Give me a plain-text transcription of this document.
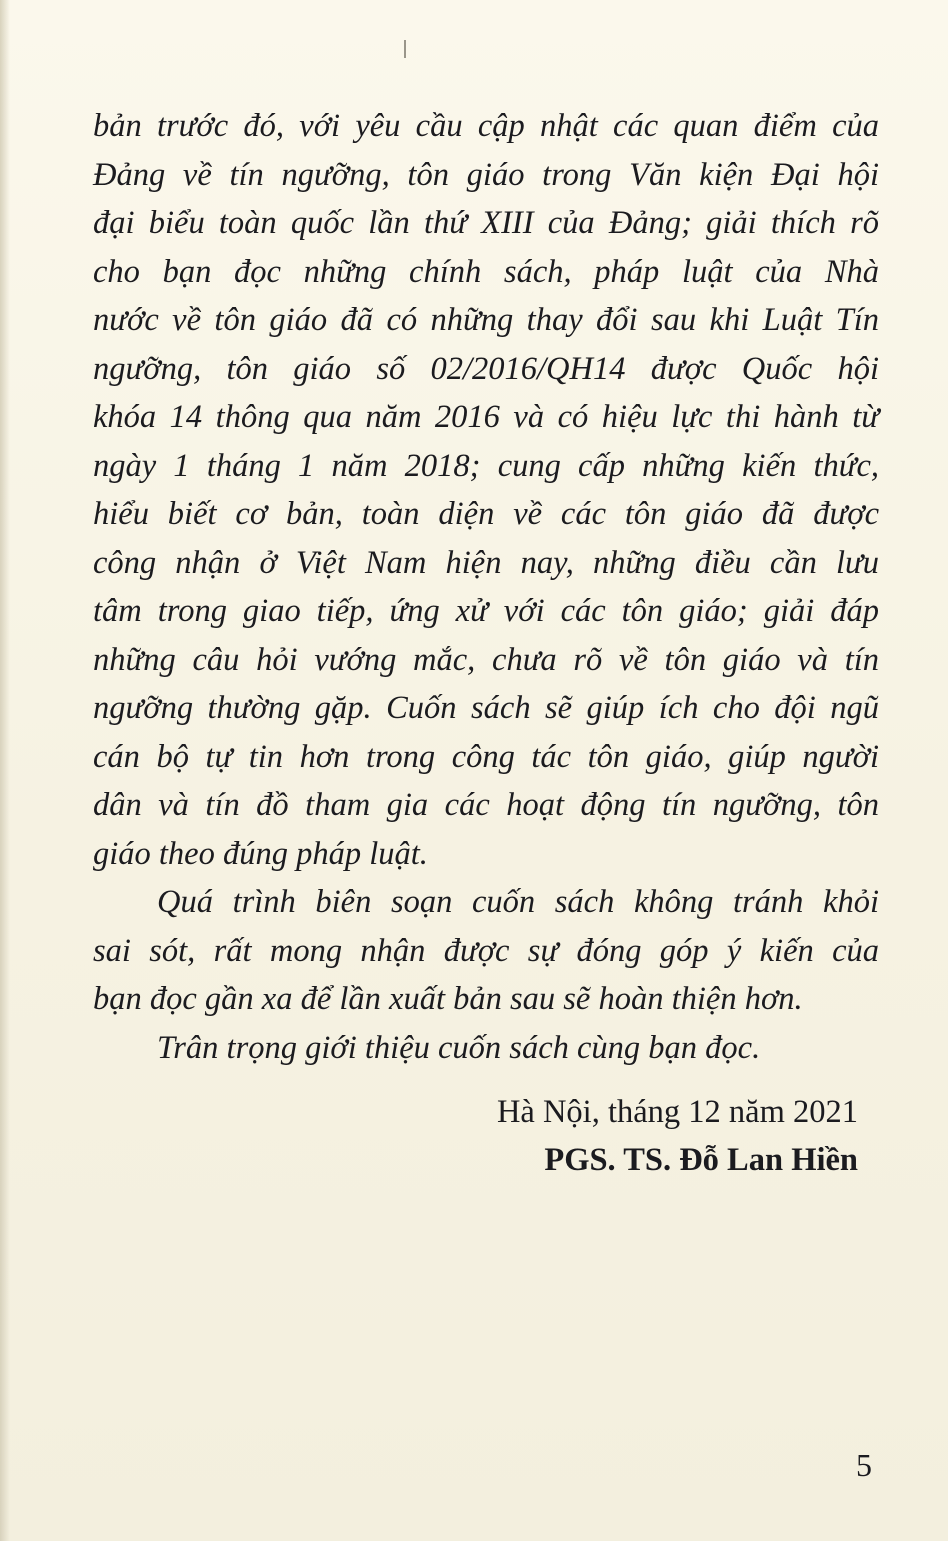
bản trước đó, với yêu cầu cập nhật các quan điểm của
Đảng về tín ngưỡng, tôn giáo trong Văn kiện Đại hội
đại biểu toàn quốc lần thứ XIII của Đảng; giải thích rõ
cho bạn đọc những chính sách, pháp luật của Nhà
nước về tôn giáo đã có những thay đổi sau khi Luật Tín
ngưỡng, tôn giáo số 02/2016/QH14 được Quốc hội
khóa 14 thông qua năm 2016 và có hiệu lực thi hành từ
ngày 1 tháng 1 năm 2018; cung cấp những kiến thức,
hiểu biết cơ bản, toàn diện về các tôn giáo đã được
công nhận ở Việt Nam hiện nay, những điều cần lưu
tâm trong giao tiếp, ứng xử với các tôn giáo; giải đáp
những câu hỏi vướng mắc, chưa rõ về tôn giáo và tín
ngưỡng thường gặp. Cuốn sách sẽ giúp ích cho đội ngũ
cán bộ tự tin hơn trong công tác tôn giáo, giúp người
dân và tín đồ tham gia các hoạt động tín ngưỡng, tôn
giáo theo đúng pháp luật.
Quá trình biên soạn cuốn sách không tránh khỏi
sai sót, rất mong nhận được sự đóng góp ý kiến của
bạn đọc gần xa để lần xuất bản sau sẽ hoàn thiện hơn.
Trân trọng giới thiệu cuốn sách cùng bạn đọc.
Hà Nội, tháng 12 năm 2021
PGS. TS. Đỗ Lan Hiền
5
